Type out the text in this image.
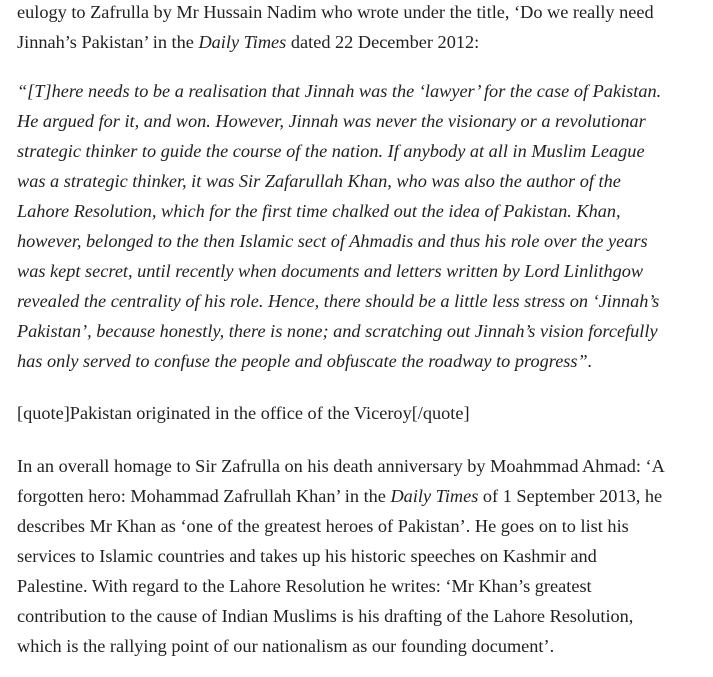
eulogy to Zafrulla by Mr Hussain Nadim who wrote under the title, ‘Do we really need
Jinnah’s Pakistan’ in the Daily Times dated 22 December 2012:

“[T]here needs to be a realisation that Jinnah was the ‘lawyer’ for the case of Pakistan.
He argued for it, and won. However, Jinnah was never the visionary or a revolutionar
strategic thinker to guide the course of the nation. If anybody at all in Muslim League
was a strategic thinker, it was Sir Zafarullah Khan, who was also the author of the
Lahore Resolution, which for the first time chalked out the idea of Pakistan. Khan,
however, belonged to the then Islamic sect of Ahmadis and thus his role over the years
was kept secret, until recently when documents and letters written by Lord Linlithgow
revealed the centrality of his role. Hence, there should be a little less stress on ‘Jinnah’s
Pakistan’, because honestly, there is none; and scratching out Jinnah’s vision forcefully
has only served to confuse the people and obfuscate the roadway to progress”.

[quote]Pakistan originated in the office of the Viceroy[/quote]

In an overall homage to Sir Zafrulla on his death anniversary by Moahmmad Ahmad: ‘A
forgotten hero: Mohammad Zafrullah Khan’ in the Daily Times of 1 September 2013, he
describes Mr Khan as ‘one of the greatest heroes of Pakistan’. He goes on to list his
services to Islamic countries and takes up his historic speeches on Kashmir and
Palestine. With regard to the Lahore Resolution he writes: ‘Mr Khan’s greatest
contribution to the cause of Indian Muslims is his drafting of the Lahore Resolution,
which is the rallying point of our nationalism as our founding document’.
